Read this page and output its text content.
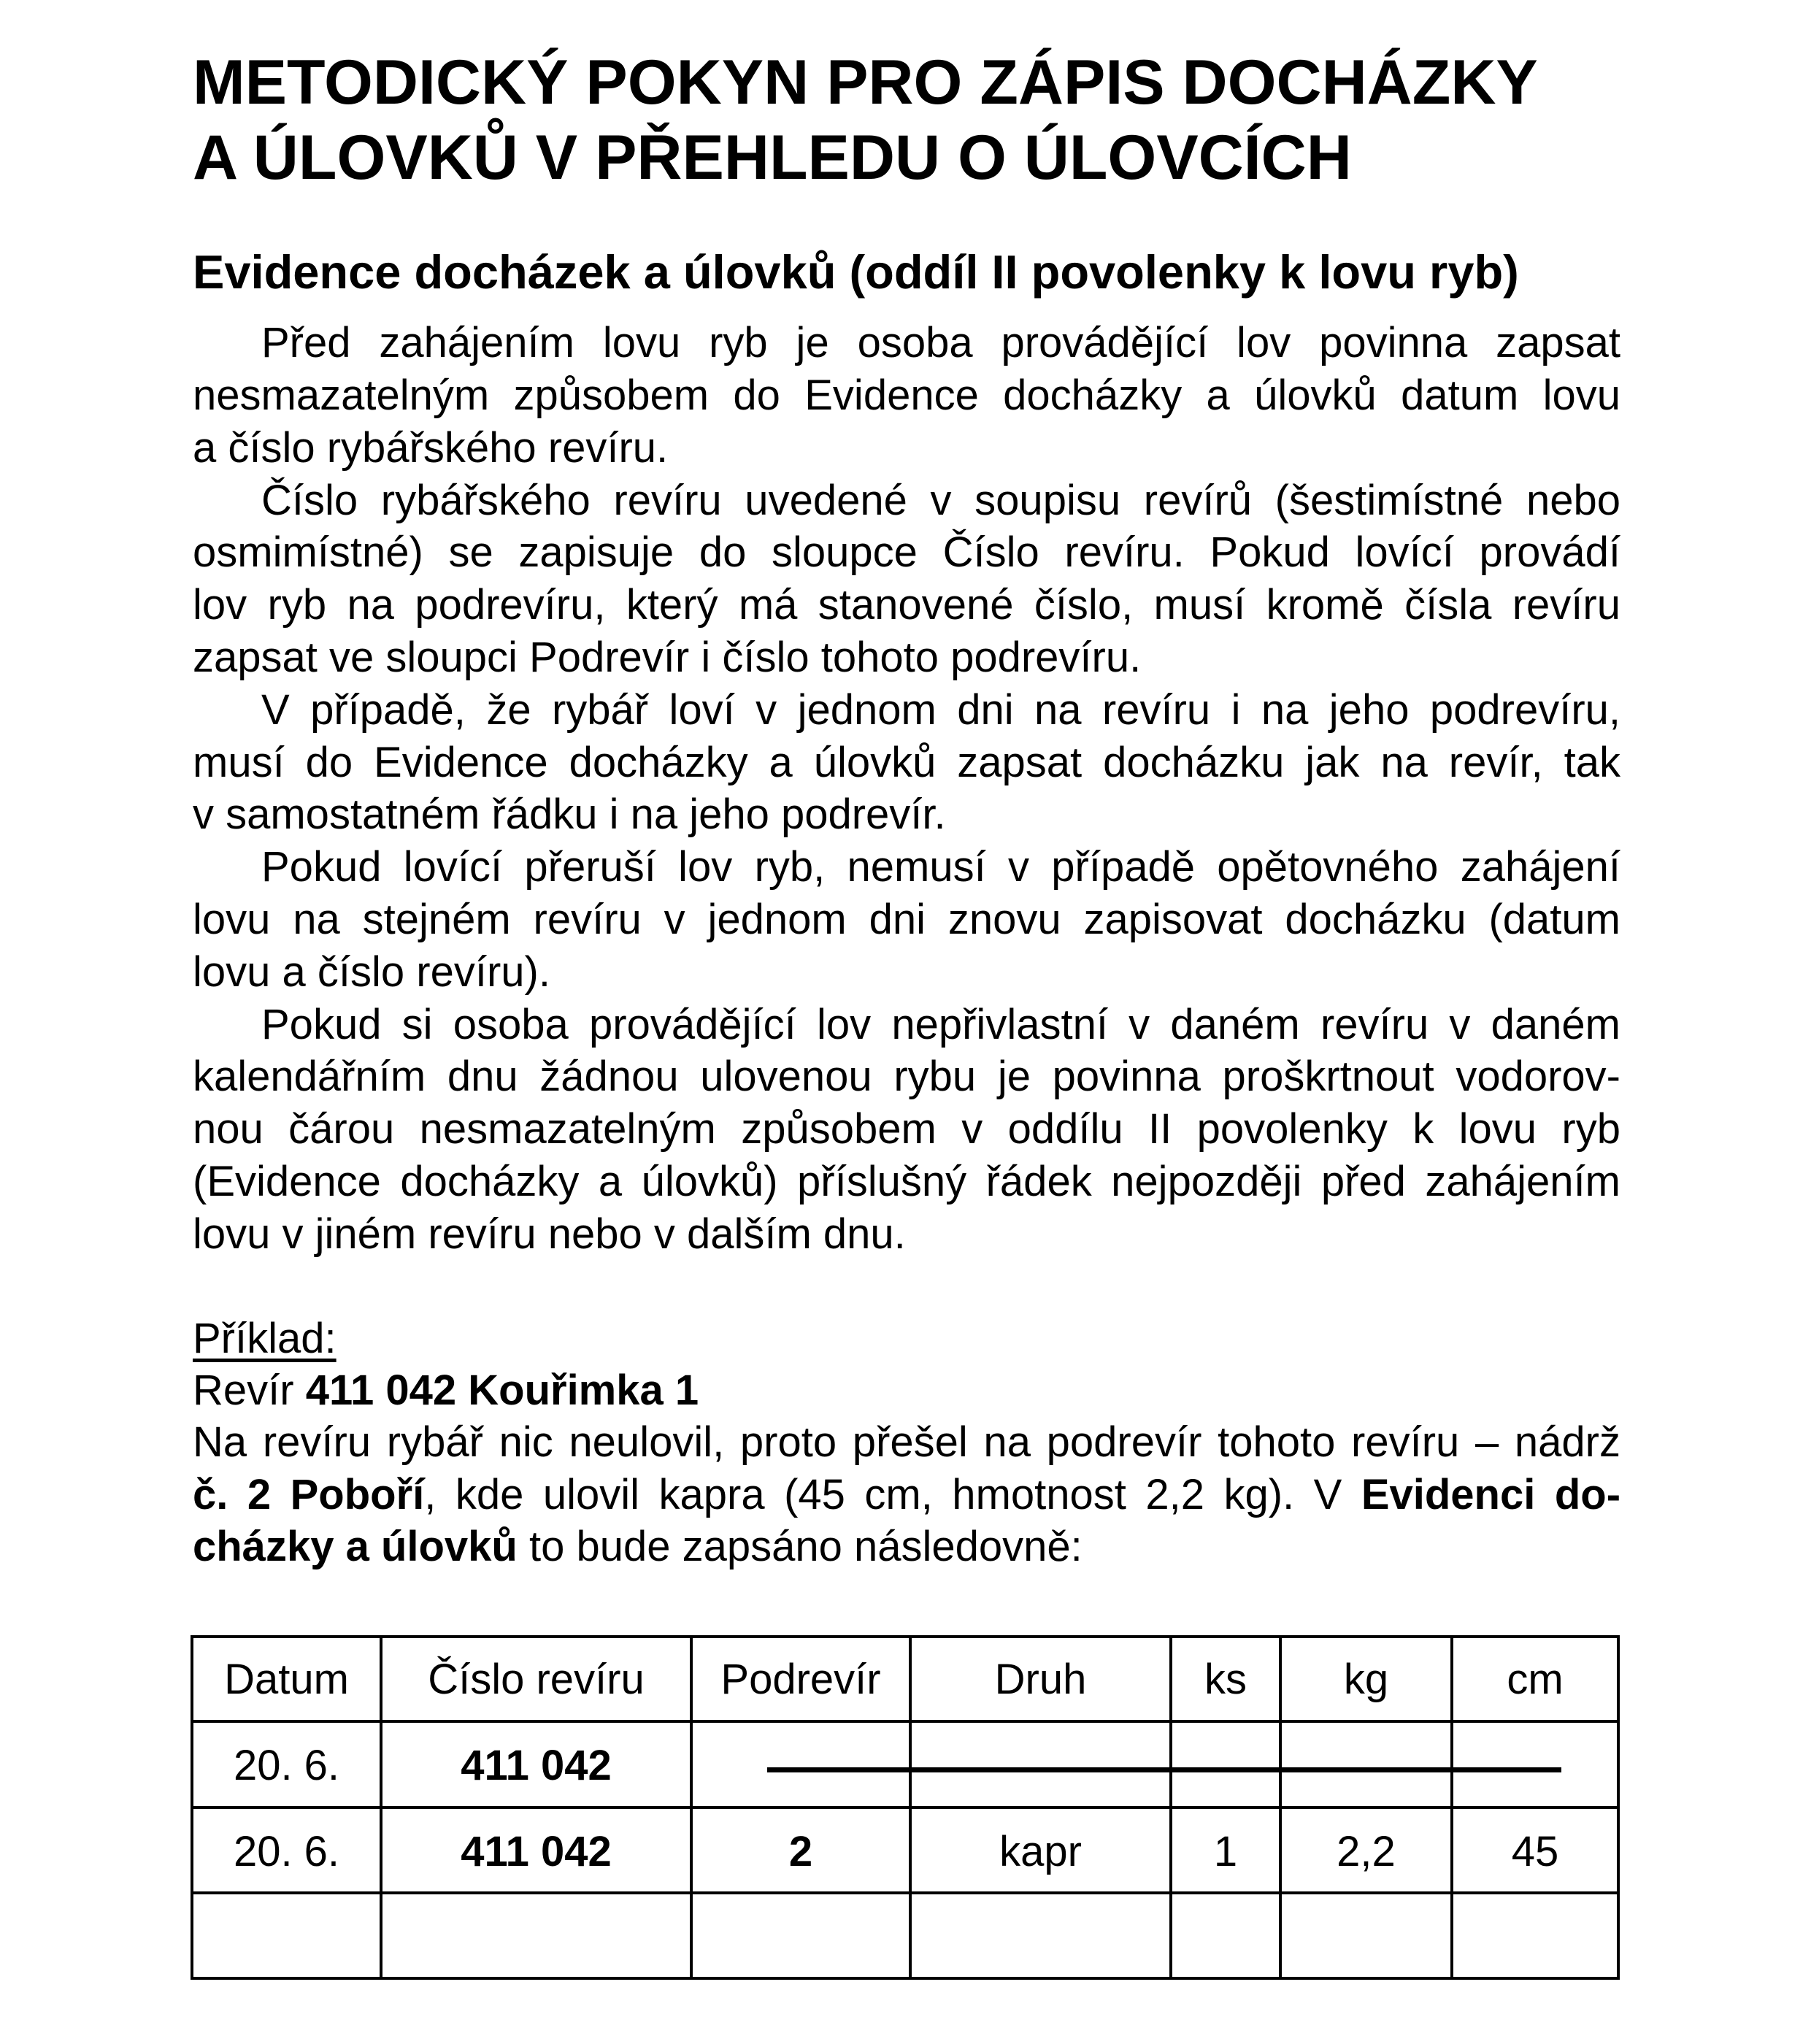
METODICKÝ POKYN PRO ZÁPIS DOCHÁZKY
A ÚLOVKŮ V PŘEHLEDU O ÚLOVCÍCH
Evidence docházek a úlovků (oddíl II povolenky k lovu ryb)
Před zahájením lovu ryb je osoba provádějící lov povinna zapsat
nesmazatelným způsobem do Evidence docházky a úlovků datum lovu
a číslo rybářského revíru.
Číslo rybářského revíru uvedené v soupisu revírů (šestimístné nebo
osmimístné) se zapisuje do sloupce Číslo revíru. Pokud lovící provádí
lov ryb na podrevíru, který má stanovené číslo, musí kromě čísla revíru
zapsat ve sloupci Podrevír i číslo tohoto podrevíru.
V případě, že rybář loví v jednom dni na revíru i na jeho podrevíru,
musí do Evidence docházky a úlovků zapsat docházku jak na revír, tak
v samostatném řádku i na jeho podrevír.
Pokud lovící přeruší lov ryb, nemusí v případě opětovného zahájení
lovu na stejném revíru v jednom dni znovu zapisovat docházku (datum
lovu a číslo revíru).
Pokud si osoba provádějící lov nepřivlastní v daném revíru v daném
kalendářním dnu žádnou ulovenou rybu je povinna proškrtnout vodorov-
nou čárou nesmazatelným způsobem v oddílu II povolenky k lovu ryb
(Evidence docházky a úlovků) příslušný řádek nejpozději před zahájením
lovu v jiném revíru nebo v dalším dnu.
Příklad:
Revír 411 042 Kouřimka 1
Na revíru rybář nic neulovil, proto přešel na podrevír tohoto revíru – nádrž
č. 2 Poboří, kde ulovil kapra (45 cm, hmotnost 2,2 kg). V Evidenci do-
cházky a úlovků to bude zapsáno následovně:
Datum	Číslo revíru	Podrevír	Druh	ks	kg	cm
20. 6.	411 042
20. 6.	411 042	2	kapr	1	2,2	45
